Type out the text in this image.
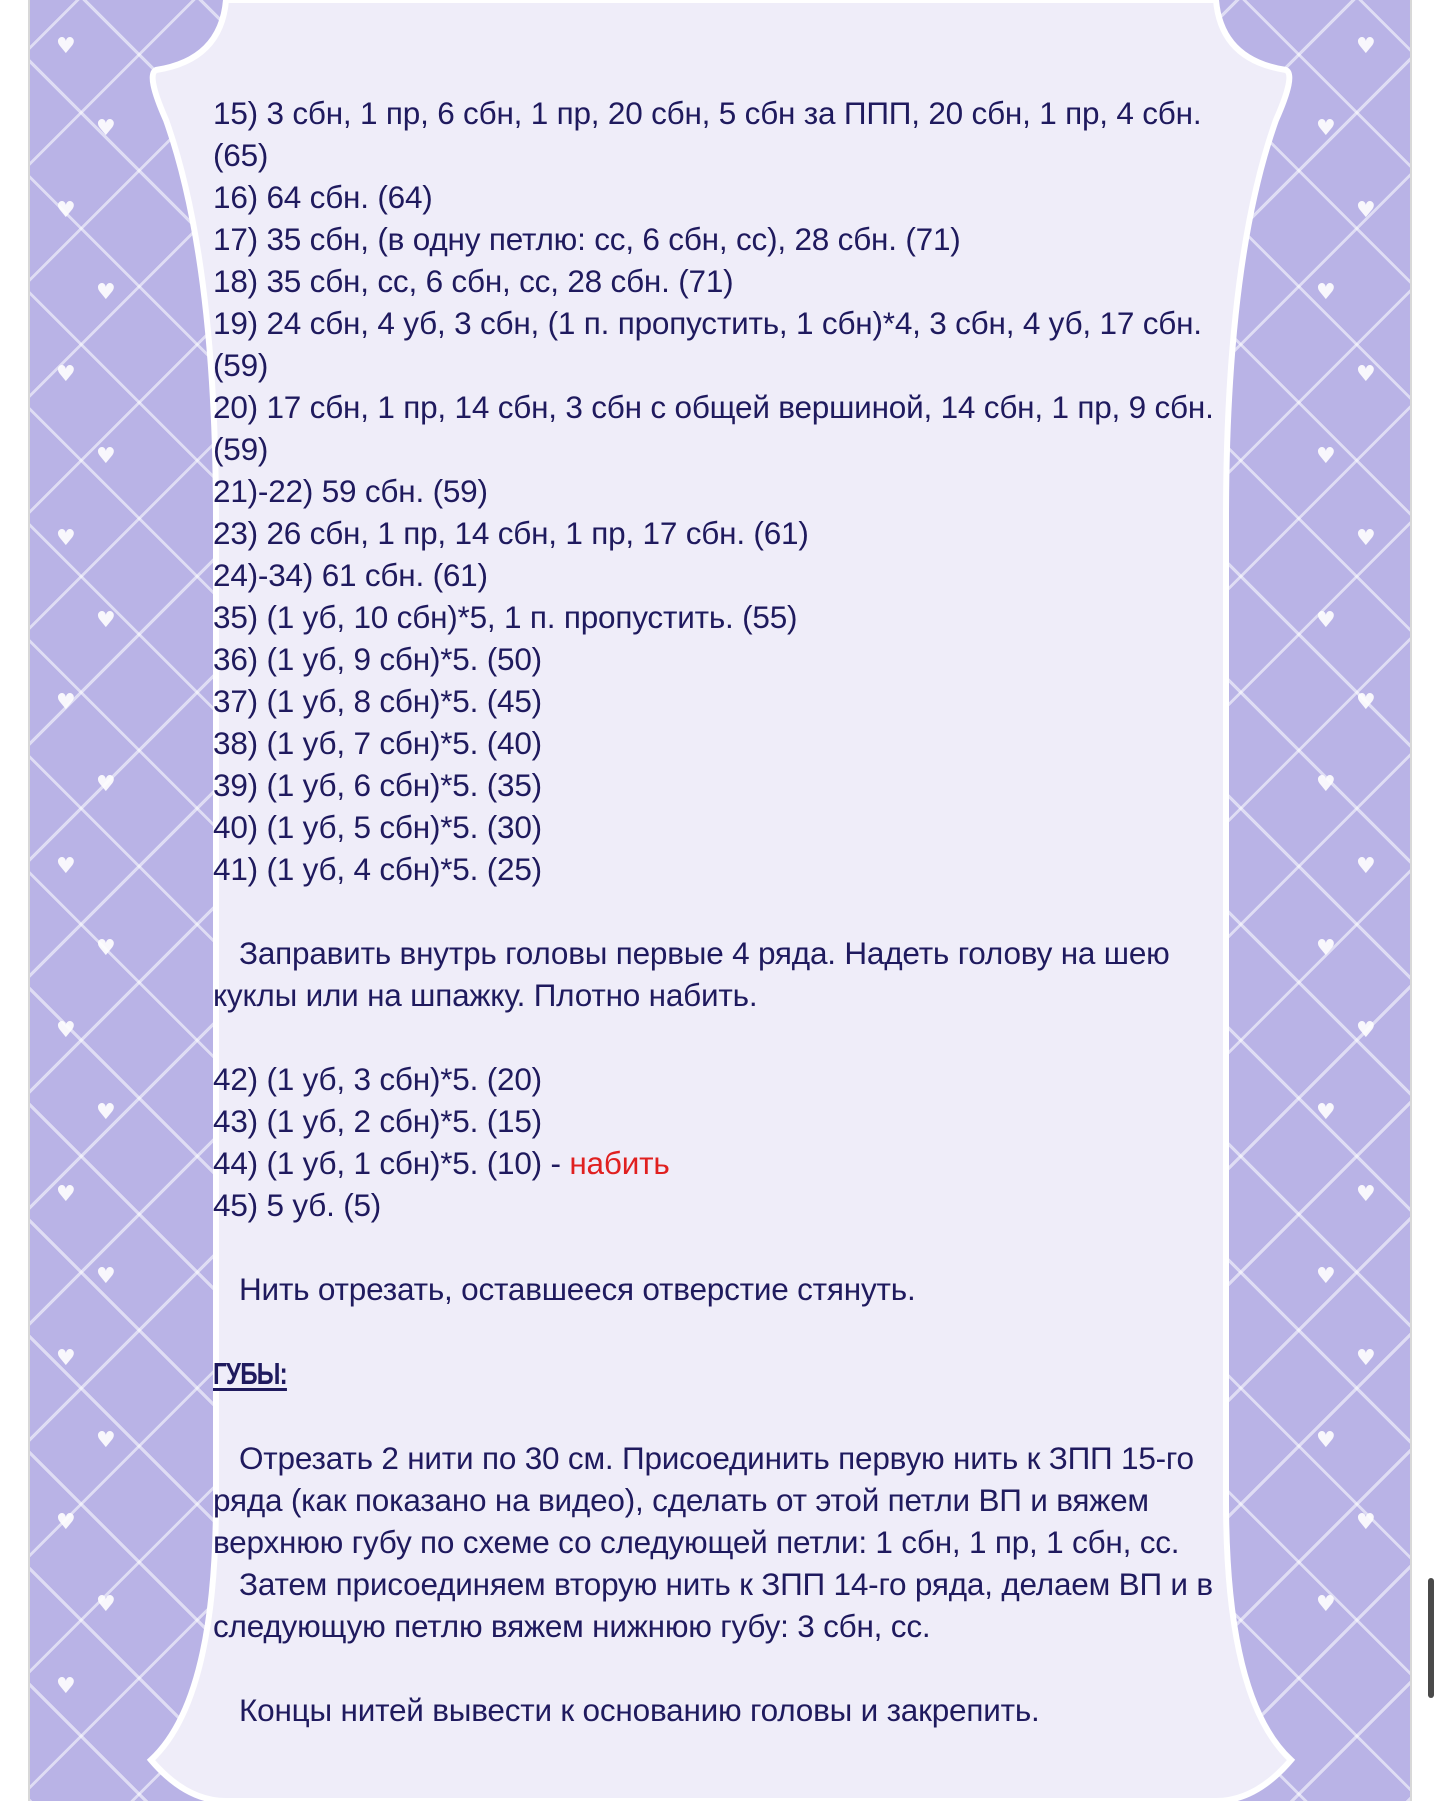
♥
♥
♥
♥
♥
♥
♥
♥
♥
♥
♥
♥
♥
♥
♥
♥
♥
♥
♥
♥
♥
♥
♥
♥
♥
♥
♥
♥
♥
♥
♥
♥
♥
♥
♥
♥
♥
♥
♥
♥
♥
15) 3 сбн, 1 пр, 6 сбн, 1 пр, 20 сбн, 5 сбн за ППП, 20 сбн, 1 пр, 4 сбн. (65)
16) 64 сбн. (64)
17) 35 сбн, (в одну петлю: сс, 6 сбн, сс), 28 сбн. (71)
18) 35 сбн, сс, 6 сбн, сс, 28 сбн. (71)
19) 24 сбн, 4 уб, 3 сбн, (1 п. пропустить, 1 сбн)*4, 3 сбн, 4 уб, 17 сбн. (59)
20) 17 сбн, 1 пр, 14 сбн, 3 сбн с общей вершиной, 14 сбн, 1 пр, 9 сбн. (59)
21)-22) 59 сбн. (59)
23) 26 сбн, 1 пр, 14 сбн, 1 пр, 17 сбн. (61)
24)-34) 61 сбн. (61)
35) (1 уб, 10 сбн)*5, 1 п. пропустить. (55)
36) (1 уб, 9 сбн)*5. (50)
37) (1 уб, 8 сбн)*5. (45)
38) (1 уб, 7 сбн)*5. (40)
39) (1 уб, 6 сбн)*5. (35)
40) (1 уб, 5 сбн)*5. (30)
41) (1 уб, 4 сбн)*5. (25)

Заправить внутрь головы первые 4 ряда. Надеть голову на шею куклы или на шпажку. Плотно набить.

42) (1 уб, 3 сбн)*5. (20)
43) (1 уб, 2 сбн)*5. (15)
44) (1 уб, 1 сбн)*5. (10) - набить
45) 5 уб. (5)

Нить отрезать, оставшееся отверстие стянуть.

ГУБЫ:

Отрезать 2 нити по 30 см. Присоединить первую нить к ЗПП 15-го ряда (как показано на видео), сделать от этой петли ВП и вяжем верхнюю губу по схеме со следующей петли: 1 сбн, 1 пр, 1 сбн, сс.

Затем присоединяем вторую нить к ЗПП 14-го ряда, делаем ВП и в следующую петлю вяжем нижнюю губу: 3 сбн, сс.

Концы нитей вывести к основанию головы и закрепить.
